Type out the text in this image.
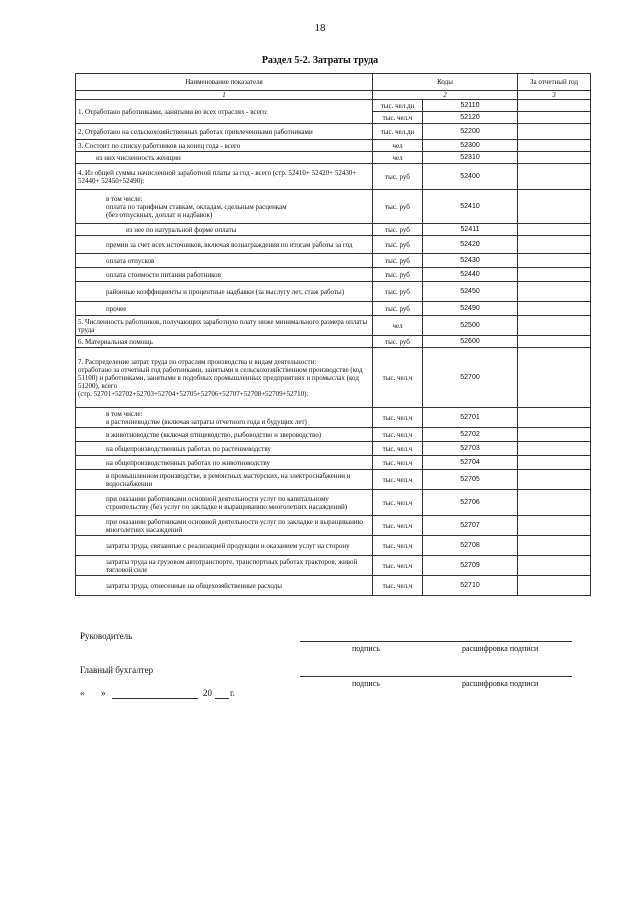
18
Раздел 5-2. Затраты труда
Наименование показателя	Коды		За отчетный год
1	2		3
1. Отработано работниками, занятыми во всех отраслях - всего:	тыс. чел.дн	52110	
	тыс. чел.ч	52120	
2. Отработано на сельскохозяйственных работах привлеченными работниками	тыс. чел.дн	52200	
3. Состоит по списку работников на конец года - всего	чел	52300	
из них численность женщин	чел	52310	
4. Из общей суммы начисленной заработной платы за год - всего (стр. 52410+ 52420+ 52430+ 52440+ 52450+52490):	тыс. руб	52400	
в том числе:
оплата по тарифным ставкам, окладам, сдельным расценкам
(без отпускных, доплат и надбавок)	тыс. руб	52410	
из нее по натуральной форме оплаты	тыс. руб	52411	
премии за счет всех источников, включая вознаграждения по итогам работы за год	тыс. руб	52420	
оплата отпусков	тыс. руб	52430	
оплата стоимости питания работников	тыс. руб	52440	
районные коэффициенты и процентные надбавки (за выслугу лет, стаж работы)	тыс. руб	52450	
прочее	тыс. руб	52490	
5. Численность работников, получающих заработную плату ниже минимального размера оплаты труда	чел	52500	
6. Материальная помощь	тыс. руб	52600	
7. Распределение затрат труда по отраслям производства и видам деятельности:
отработано за отчетный год работниками, занятыми в сельскохозяйственном производстве (код 51100) и работниками, занятыми в подобных промышленных предприятиях и промыслах (код 51200), всего
(стр. 52701+52702+52703+52704+52705+52706+52707+52708+52709+52710):	тыс. чел.ч	52700	
в том числе:
в растениеводстве (включая затраты отчетного года и будущих лет)	тыс. чел.ч	52701	
в животноводстве (включая птицеводство, рыбоводство и звероводство)	тыс. чел.ч	52702	
на общепроизводственных работах по растениеводству	тыс. чел.ч	52703	
на общепроизводственных работах по животноводству	тыс. чел.ч	52704	
в промышленном производстве, в ремонтных мастерских, на электроснабжении и водоснабжении	тыс. чел.ч	52705	
при оказании работниками основной деятельности услуг по капитальному строительству (без услуг по закладке и выращиванию многолетних насаждений)	тыс. чел.ч	52706	
при оказании работниками основной деятельности услуг по закладке и выращиванию многолетних насаждений	тыс. чел.ч	52707	
затраты труда, связанные с реализацией продукции и оказанием услуг на сторону	тыс. чел.ч	52708	
затраты труда на грузовом автотранспорте, транспортных работах тракторов, живой тягловой силе	тыс. чел.ч	52709	
затраты труда, отнесенные на общехозяйственные расходы	тыс. чел.ч	52710	
Руководитель
подпись	расшифровка подписи
Главный бухгалтер
подпись	расшифровка подписи
« »	20 г.
